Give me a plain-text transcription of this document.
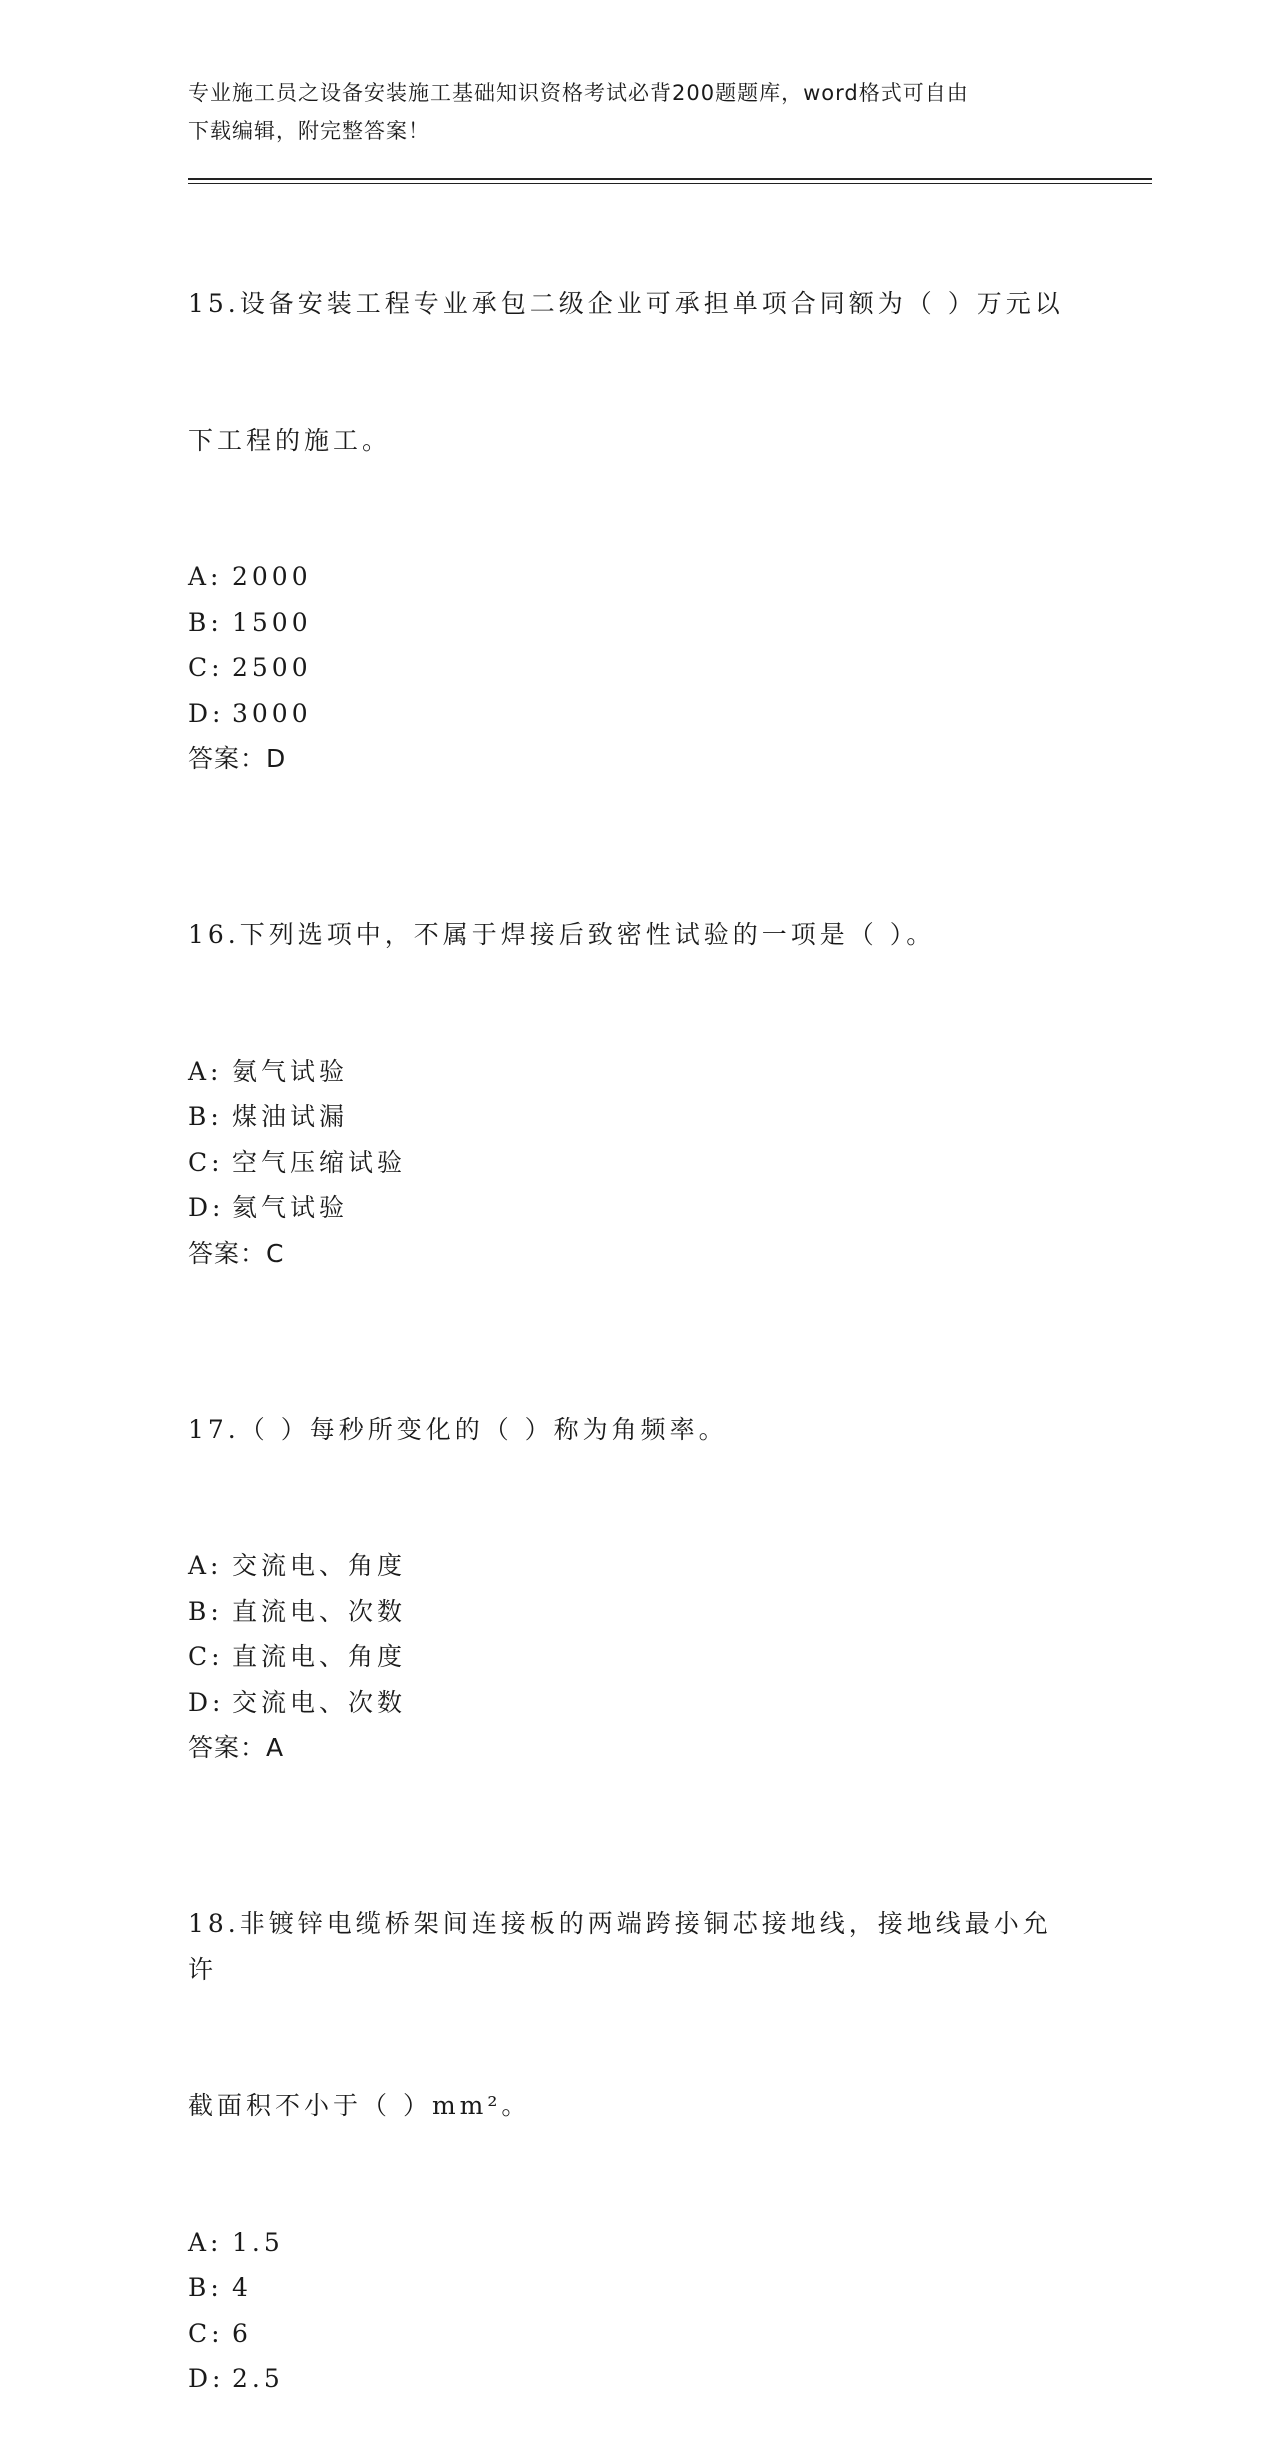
专业施工员之设备安装施工基础知识资格考试必背200题题库，word格式可自由
下载编辑，附完整答案！

15.设备安装工程专业承包二级企业可承担单项合同额为（ ）万元以

下工程的施工。

A: 2000
B: 1500
C: 2500
D: 3000
答案：D

16.下列选项中，不属于焊接后致密性试验的一项是（ ）。

A: 氨气试验
B: 煤油试漏
C: 空气压缩试验
D: 氦气试验
答案：C

17.（ ）每秒所变化的（ ）称为角频率。

A: 交流电、角度
B: 直流电、次数
C: 直流电、角度
D: 交流电、次数
答案：A

18.非镀锌电缆桥架间连接板的两端跨接铜芯接地线，接地线最小允许

截面积不小于（ ）mm²。

A: 1.5
B: 4
C: 6
D: 2.5
